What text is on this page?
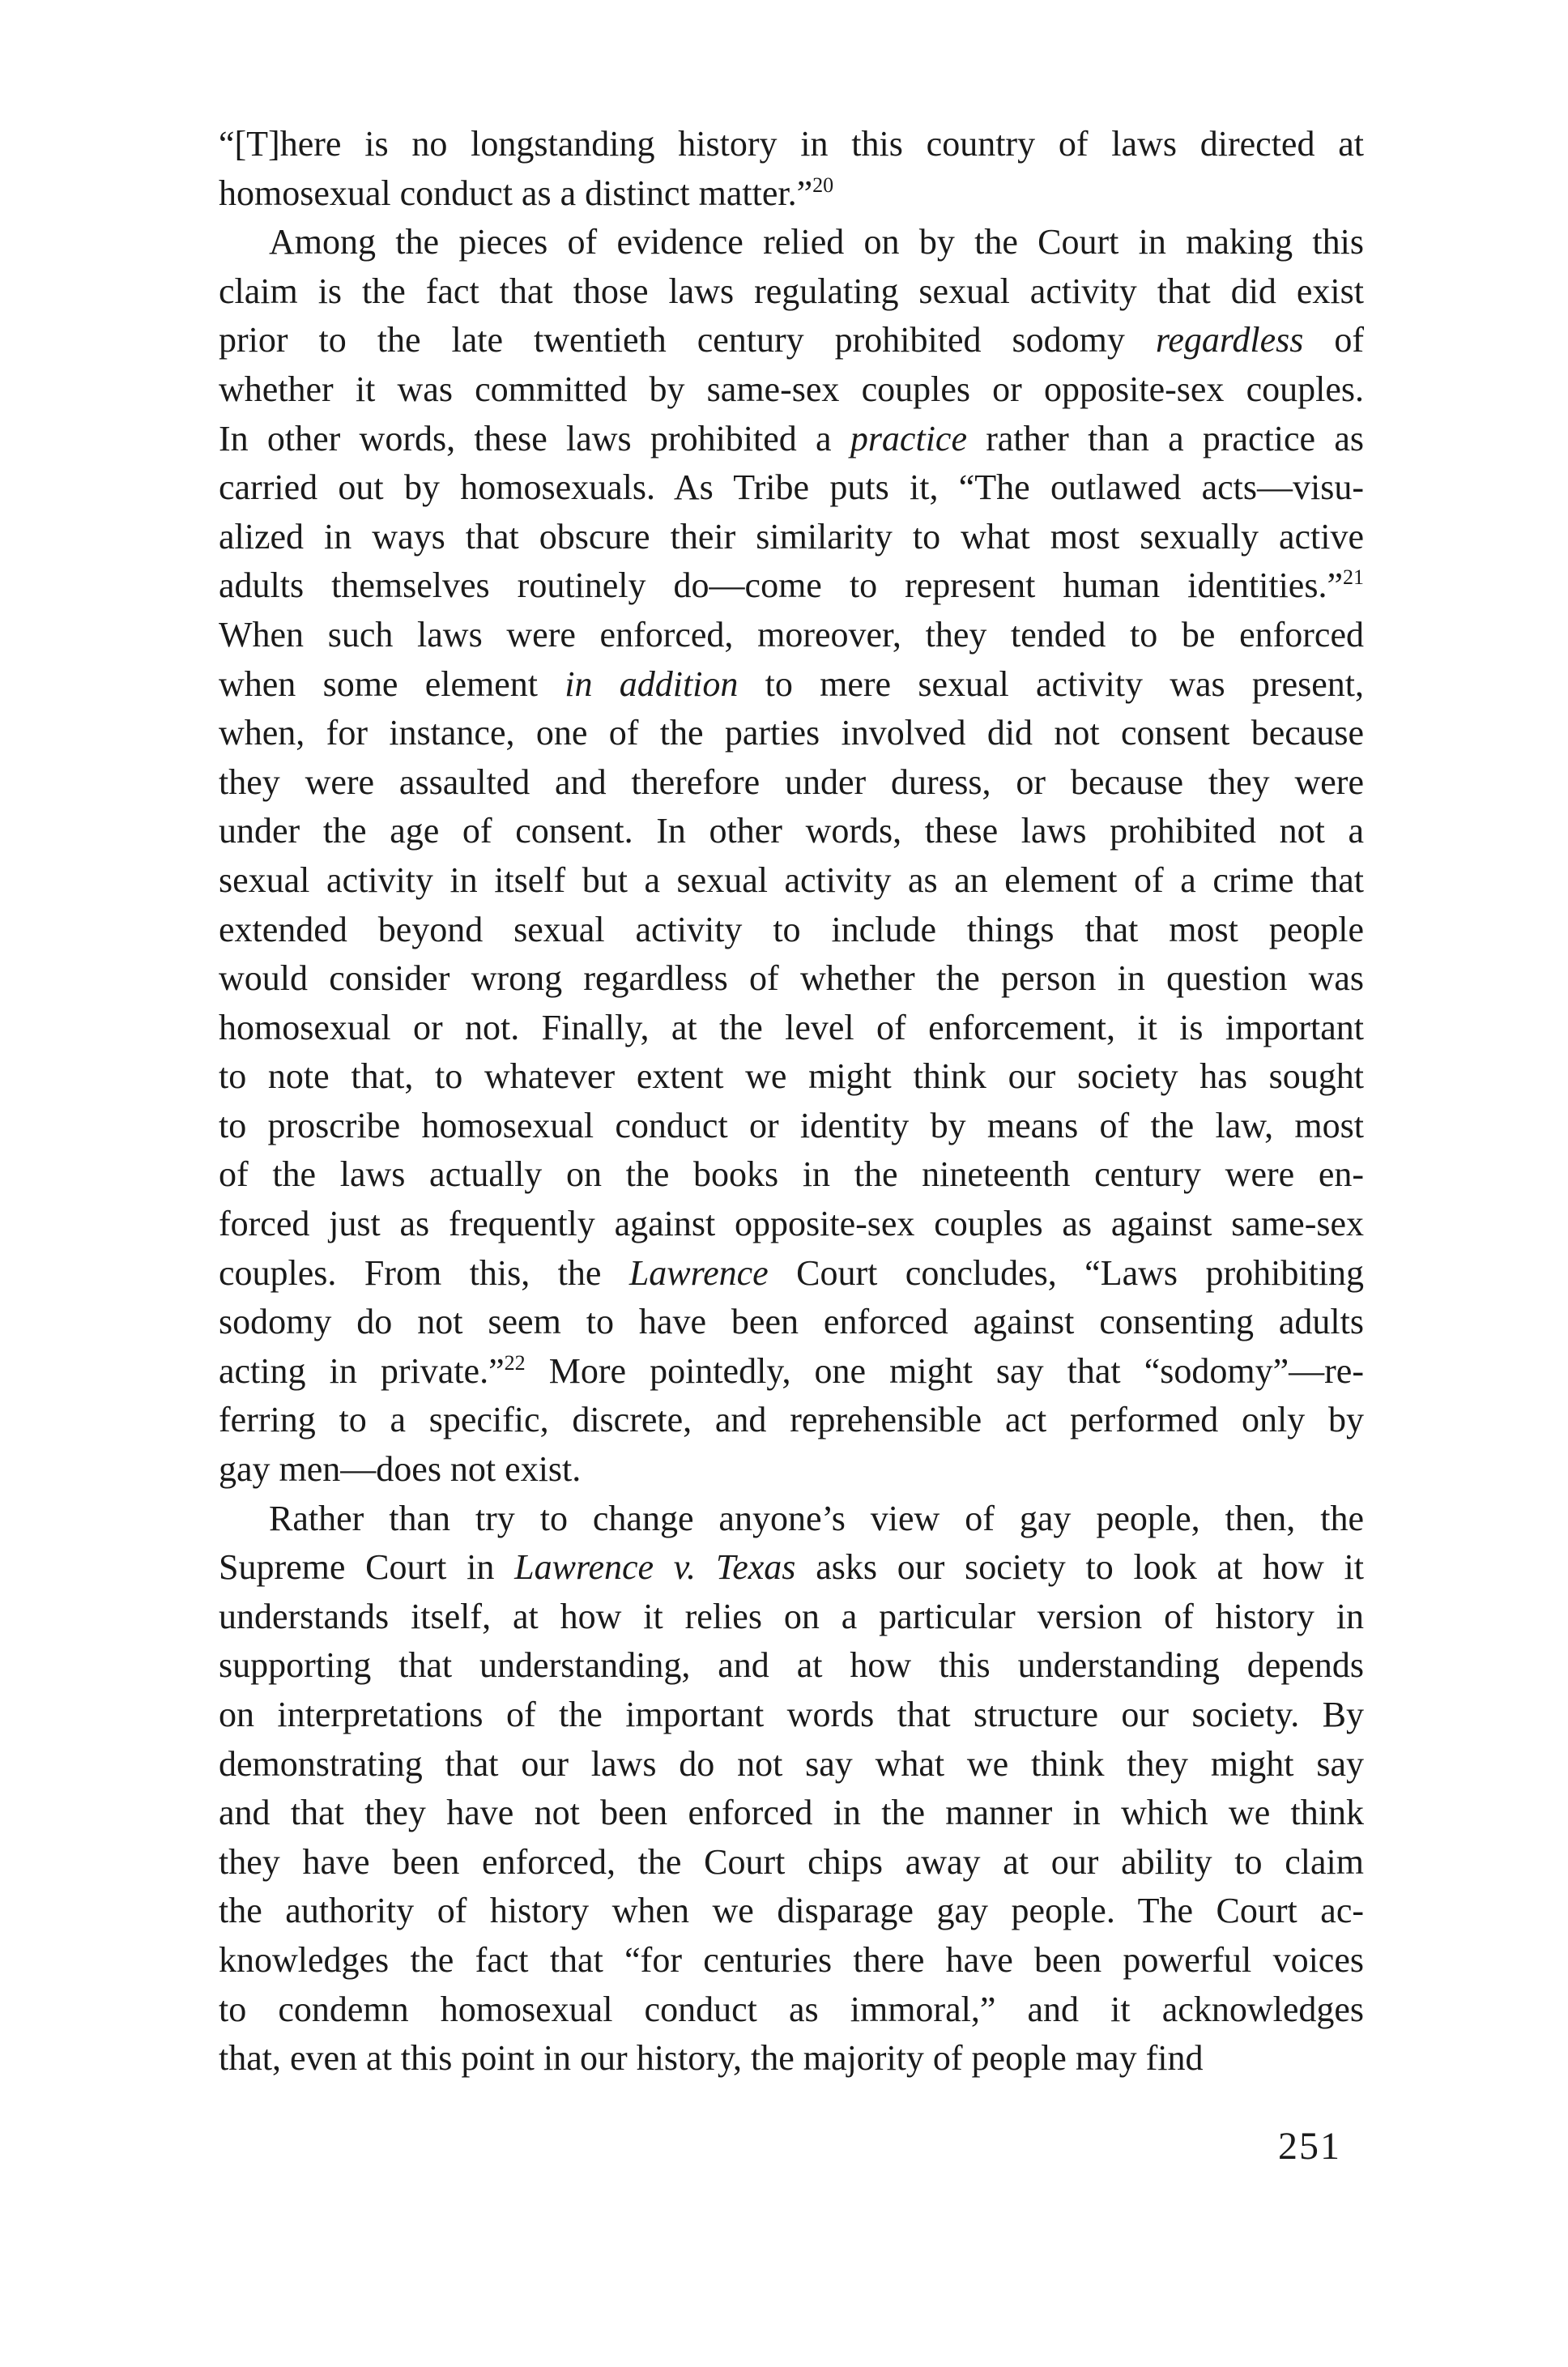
“[T]here is no longstanding history in this country of laws directed at
homosexual conduct as a distinct matter.”$^{20}$
Among the pieces of evidence relied on by the Court in making this
claim is the fact that those laws regulating sexual activity that did exist
prior to the late twentieth century prohibited sodomy regardless of
whether it was committed by same-sex couples or opposite-sex couples.
In other words, these laws prohibited a practice rather than a practice as
carried out by homosexuals. As Tribe puts it, “The outlawed acts—visu-
alized in ways that obscure their similarity to what most sexually active
adults themselves routinely do—come to represent human identities.”$^{21}$
When such laws were enforced, moreover, they tended to be enforced
when some element in addition to mere sexual activity was present,
when, for instance, one of the parties involved did not consent because
they were assaulted and therefore under duress, or because they were
under the age of consent. In other words, these laws prohibited not a
sexual activity in itself but a sexual activity as an element of a crime that
extended beyond sexual activity to include things that most people
would consider wrong regardless of whether the person in question was
homosexual or not. Finally, at the level of enforcement, it is important
to note that, to whatever extent we might think our society has sought
to proscribe homosexual conduct or identity by means of the law, most
of the laws actually on the books in the nineteenth century were en-
forced just as frequently against opposite-sex couples as against same-sex
couples. From this, the Lawrence Court concludes, “Laws prohibiting
sodomy do not seem to have been enforced against consenting adults
acting in private.”$^{22}$ More pointedly, one might say that “sodomy”—re-
ferring to a specific, discrete, and reprehensible act performed only by
gay men—does not exist.
Rather than try to change anyone’s view of gay people, then, the
Supreme Court in Lawrence v. Texas asks our society to look at how it
understands itself, at how it relies on a particular version of history in
supporting that understanding, and at how this understanding depends
on interpretations of the important words that structure our society. By
demonstrating that our laws do not say what we think they might say
and that they have not been enforced in the manner in which we think
they have been enforced, the Court chips away at our ability to claim
the authority of history when we disparage gay people. The Court ac-
knowledges the fact that “for centuries there have been powerful voices
to condemn homosexual conduct as immoral,” and it acknowledges
that, even at this point in our history, the majority of people may find
251
